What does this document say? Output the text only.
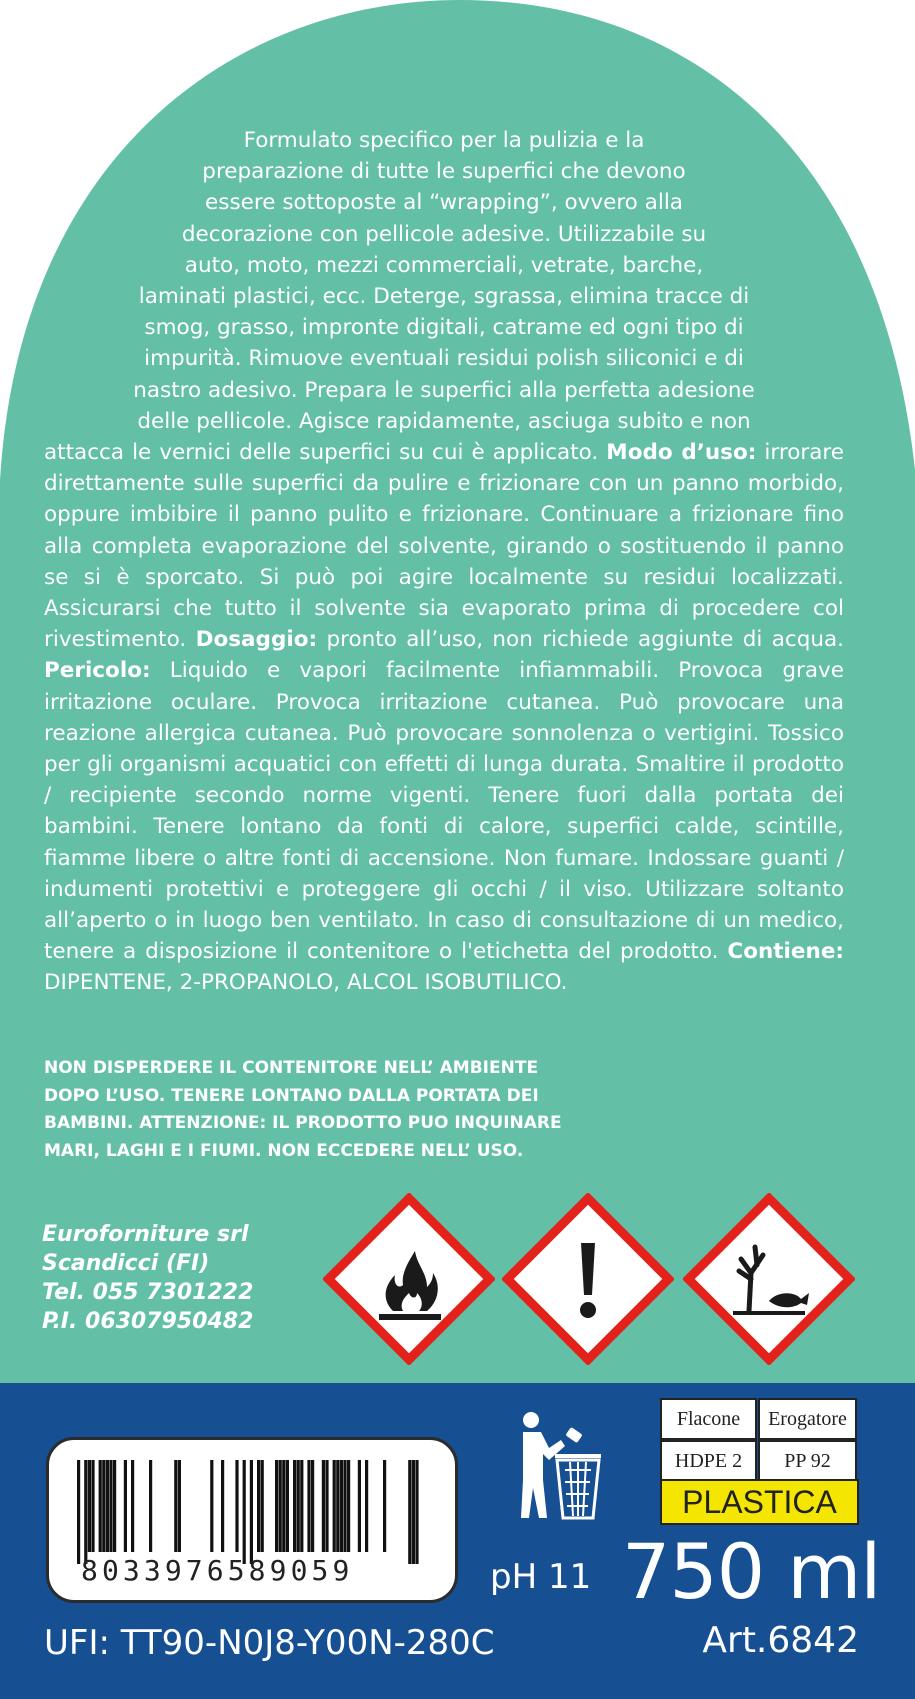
Formulato specifico per la pulizia e la
preparazione di tutte le superfici che devono
essere sottoposte al “wrapping”, ovvero alla
decorazione con pellicole adesive. Utilizzabile su
auto, moto, mezzi commerciali, vetrate, barche,
laminati plastici, ecc. Deterge, sgrassa, elimina tracce di
smog, grasso, impronte digitali, catrame ed ogni tipo di
impurità. Rimuove eventuali residui polish siliconici e di
nastro adesivo. Prepara le superfici alla perfetta adesione
delle pellicole. Agisce rapidamente, asciuga subito e non

attacca le vernici delle superfici su cui è applicato. Modo d’uso: irrorare direttamente sulle superfici da pulire e frizionare con un panno morbido, oppure imbibire il panno pulito e frizionare. Continuare a frizionare fino alla completa evaporazione del solvente, girando o sostituendo il panno se si è sporcato. Si può poi agire localmente su residui localizzati. Assicurarsi che tutto il solvente sia evaporato prima di procedere col rivestimento. Dosaggio: pronto all’uso, non richiede aggiunte di acqua. Pericolo: Liquido e vapori facilmente infiammabili. Provoca grave irritazione oculare. Provoca irritazione cutanea. Può provocare una reazione allergica cutanea. Può provocare sonnolenza o vertigini. Tossico per gli organismi acquatici con effetti di lunga durata. Smaltire il prodotto / recipiente secondo norme vigenti. Tenere fuori dalla portata dei bambini. Tenere lontano da fonti di calore, superfici calde, scintille, fiamme libere o altre fonti di accensione. Non fumare. Indossare guanti / indumenti protettivi e proteggere gli occhi / il viso. Utilizzare soltanto all’aperto o in luogo ben ventilato. In caso di consultazione di un medico, tenere a disposizione il contenitore o l'etichetta del prodotto. Contiene: DIPENTENE, 2-PROPANOLO, ALCOL ISOBUTILICO.

NON DISPERDERE IL CONTENITORE NELL’ AMBIENTE
DOPO L’USO. TENERE LONTANO DALLA PORTATA DEI
BAMBINI. ATTENZIONE: IL PRODOTTO PUO INQUINARE
MARI, LAGHI E I FIUMI. NON ECCEDERE NELL’ USO.
Euroforniture srl
Scandicci (FI)
Tel. 055 7301222
P.I. 06307950482
8033976589059
Flacone	Erogatore
HDPE 2	PP 92
PLASTICA
pH 11 750 ml
UFI: TT90-N0J8-Y00N-280C	Art.6842
